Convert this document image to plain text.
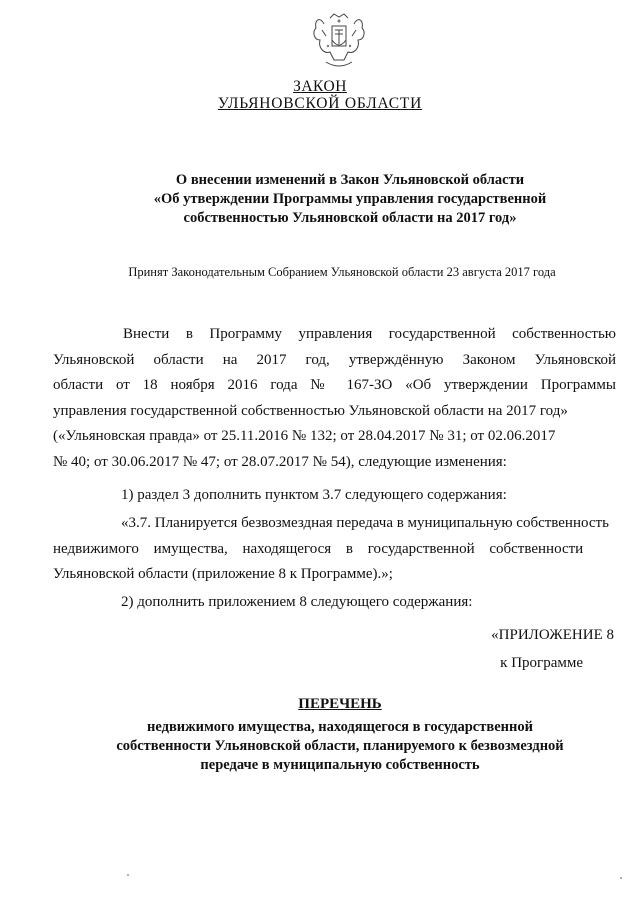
ЗАКОН
УЛЬЯНОВСКОЙ ОБЛАСТИ
О внесении изменений в Закон Ульяновской области
«Об утверждении Программы управления государственной
собственностью Ульяновской области на 2017 год»
Принят Законодательным Собранием Ульяновской области 23 августа 2017 года
Внести в Программу управления государственной собственностью
Ульяновской области на 2017 год, утверждённую Законом Ульяновской
области от 18 ноября 2016 года № 167-ЗО «Об утверждении Программы
управления государственной собственностью Ульяновской области на 2017 год»
(«Ульяновская правда» от 25.11.2016 № 132; от 28.04.2017 № 31; от 02.06.2017
№ 40; от 30.06.2017 № 47; от 28.07.2017 № 54), следующие изменения:
1) раздел 3 дополнить пунктом 3.7 следующего содержания:
«3.7. Планируется безвозмездная передача в муниципальную собственность
недвижимого имущества, находящегося в государственной собственности
Ульяновской области (приложение 8 к Программе).»;
2) дополнить приложением 8 следующего содержания:
«ПРИЛОЖЕНИЕ 8
к Программе
ПЕРЕЧЕНЬ
недвижимого имущества, находящегося в государственной
собственности Ульяновской области, планируемого к безвозмездной
передаче в муниципальную собственность
